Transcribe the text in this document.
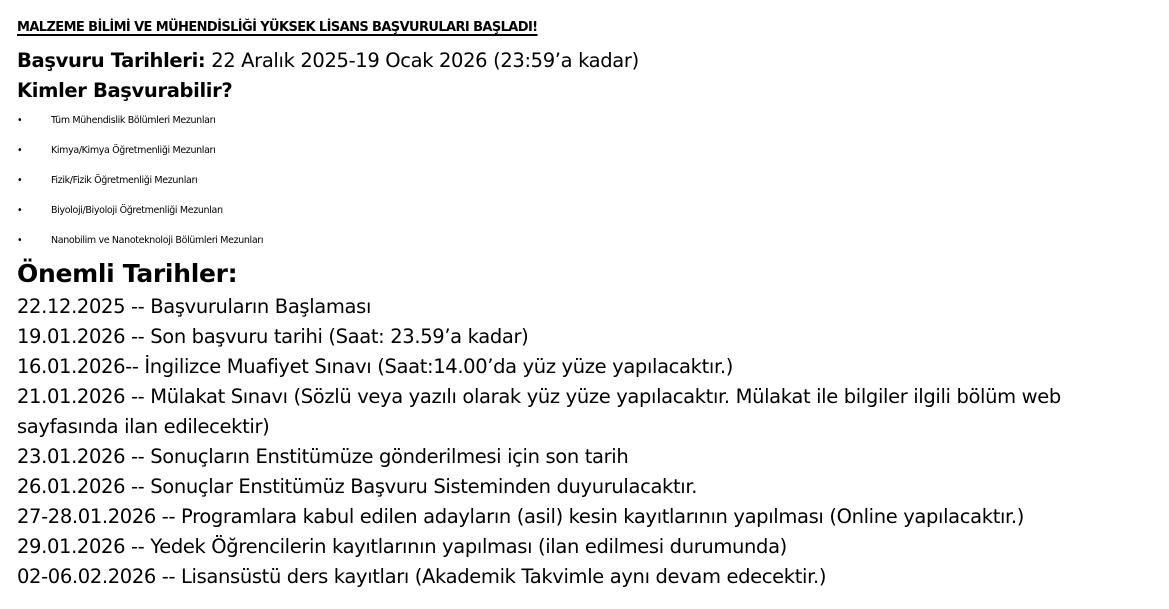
MALZEME BİLİMİ VE MÜHENDİSLİĞİ YÜKSEK LİSANS BAŞVURULARI BAŞLADI!
Başvuru Tarihleri: 22 Aralık 2025-19 Ocak 2026 (23:59’a kadar)
Kimler Başvurabilir?
•	Tüm Mühendislik Bölümleri Mezunları
•	Kimya/Kimya Öğretmenliği Mezunları
•	Fizik/Fizik Öğretmenliği Mezunları
•	Biyoloji/Biyoloji Öğretmenliği Mezunları
•	Nanobilim ve Nanoteknoloji Bölümleri Mezunları
Önemli Tarihler:
22.12.2025 -- Başvuruların Başlaması
19.01.2026 -- Son başvuru tarihi (Saat: 23.59’a kadar)
16.01.2026-- İngilizce Muafiyet Sınavı (Saat:14.00’da yüz yüze yapılacaktır.)
21.01.2026 -- Mülakat Sınavı (Sözlü veya yazılı olarak yüz yüze yapılacaktır. Mülakat ile bilgiler ilgili bölüm web sayfasında ilan edilecektir)
23.01.2026 -- Sonuçların Enstitümüze gönderilmesi için son tarih
26.01.2026 -- Sonuçlar Enstitümüz Başvuru Sisteminden duyurulacaktır.
27-28.01.2026 -- Programlara kabul edilen adayların (asil) kesin kayıtlarının yapılması (Online yapılacaktır.)
29.01.2026 -- Yedek Öğrencilerin kayıtlarının yapılması (ilan edilmesi durumunda)
02-06.02.2026 -- Lisansüstü ders kayıtları (Akademik Takvimle aynı devam edecektir.)
